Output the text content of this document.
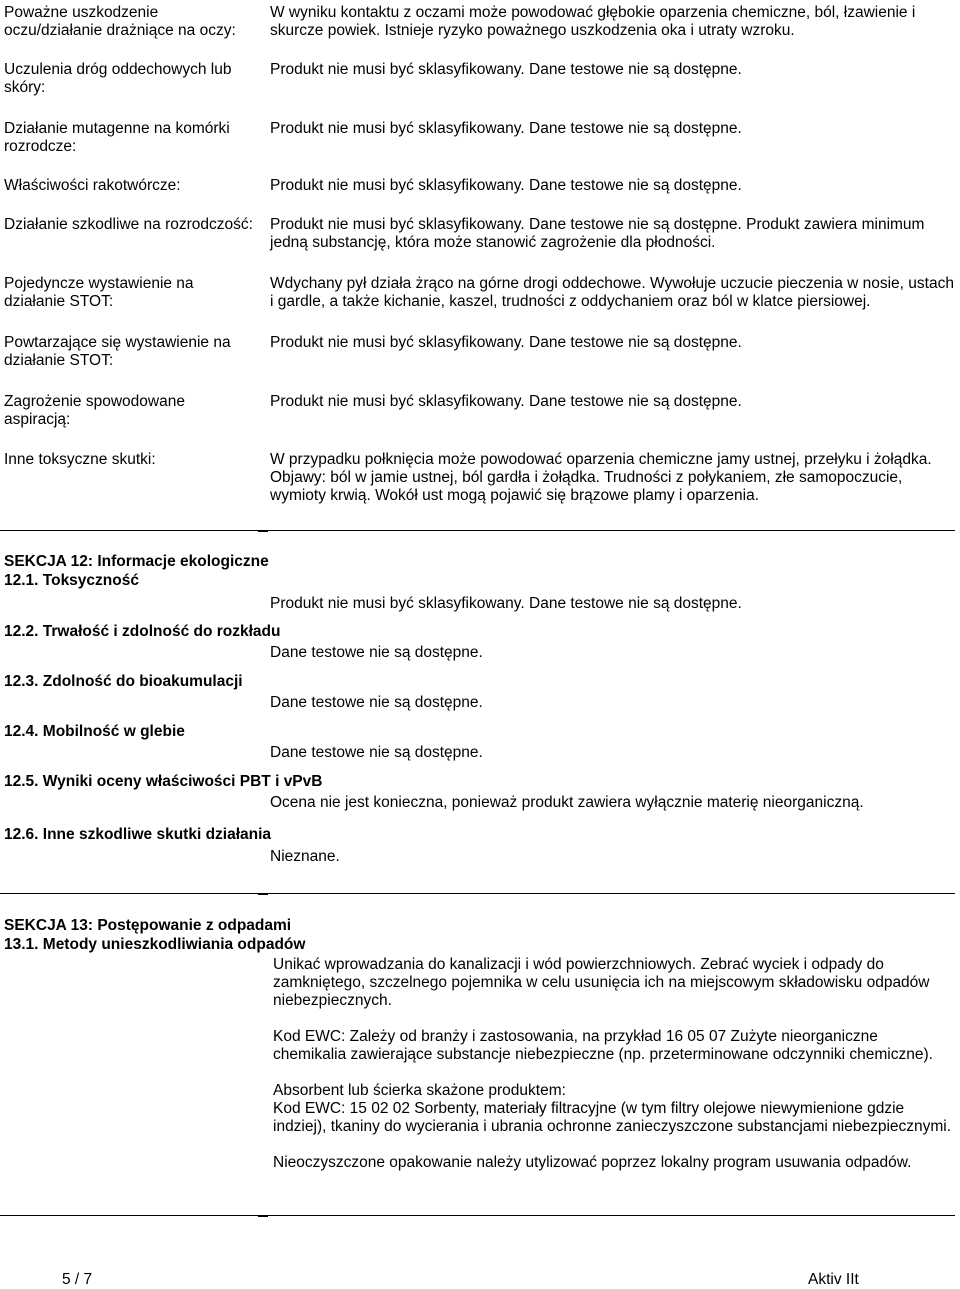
Poważne uszkodzenie oczu/działanie drażniące na oczy:
W wyniku kontaktu z oczami może powodować głębokie oparzenia chemiczne, ból, łzawienie i skurcze powiek. Istnieje ryzyko poważnego uszkodzenia oka i utraty wzroku.
Uczulenia dróg oddechowych lub skóry:
Produkt nie musi być sklasyfikowany. Dane testowe nie są dostępne.
Działanie mutagenne na komórki rozrodcze:
Produkt nie musi być sklasyfikowany. Dane testowe nie są dostępne.
Właściwości rakotwórcze:	Produkt nie musi być sklasyfikowany. Dane testowe nie są dostępne.
Działanie szkodliwe na rozrodczość: Produkt nie musi być sklasyfikowany. Dane testowe nie są dostępne. Produkt zawiera minimum jedną substancję, która może stanowić zagrożenie dla płodności.
Pojedyncze wystawienie na działanie STOT:
Wdychany pył działa żrąco na górne drogi oddechowe. Wywołuje uczucie pieczenia w nosie, ustach i gardle, a także kichanie, kaszel, trudności z oddychaniem oraz ból w klatce piersiowej.
Powtarzające się wystawienie na działanie STOT:
Produkt nie musi być sklasyfikowany. Dane testowe nie są dostępne.
Zagrożenie spowodowane aspiracją:
Produkt nie musi być sklasyfikowany. Dane testowe nie są dostępne.
Inne toksyczne skutki:	W przypadku połknięcia może powodować oparzenia chemiczne jamy ustnej, przełyku i żołądka. Objawy: ból w jamie ustnej, ból gardła i żołądka. Trudności z połykaniem, złe samopoczucie, wymioty krwią. Wokół ust mogą pojawić się brązowe plamy i oparzenia.
SEKCJA 12: Informacje ekologiczne
12.1. Toksyczność
Produkt nie musi być sklasyfikowany. Dane testowe nie są dostępne.
12.2. Trwałość i zdolność do rozkładu
Dane testowe nie są dostępne.
12.3. Zdolność do bioakumulacji
Dane testowe nie są dostępne.
12.4. Mobilność w glebie
Dane testowe nie są dostępne.
12.5. Wyniki oceny właściwości PBT i vPvB
Ocena nie jest konieczna, ponieważ produkt zawiera wyłącznie materię nieorganiczną.
12.6. Inne szkodliwe skutki działania
Nieznane.
SEKCJA 13: Postępowanie z odpadami
13.1. Metody unieszkodliwiania odpadów

Unikać wprowadzania do kanalizacji i wód powierzchniowych. Zebrać wyciek i odpady do zamkniętego, szczelnego pojemnika w celu usunięcia ich na miejscowym składowisku odpadów niebezpiecznych.

Kod EWC: Zależy od branży i zastosowania, na przykład 16 05 07 Zużyte nieorganiczne chemikalia zawierające substancje niebezpieczne (np. przeterminowane odczynniki chemiczne).

Absorbent lub ścierka skażone produktem:

Kod EWC: 15 02 02 Sorbenty, materiały filtracyjne (w tym filtry olejowe niewymienione gdzie indziej), tkaniny do wycierania i ubrania ochronne zanieczyszczone substancjami niebezpiecznymi.

Nieoczyszczone opakowanie należy utylizować poprzez lokalny program usuwania odpadów.

5 / 7	Aktiv IIt
